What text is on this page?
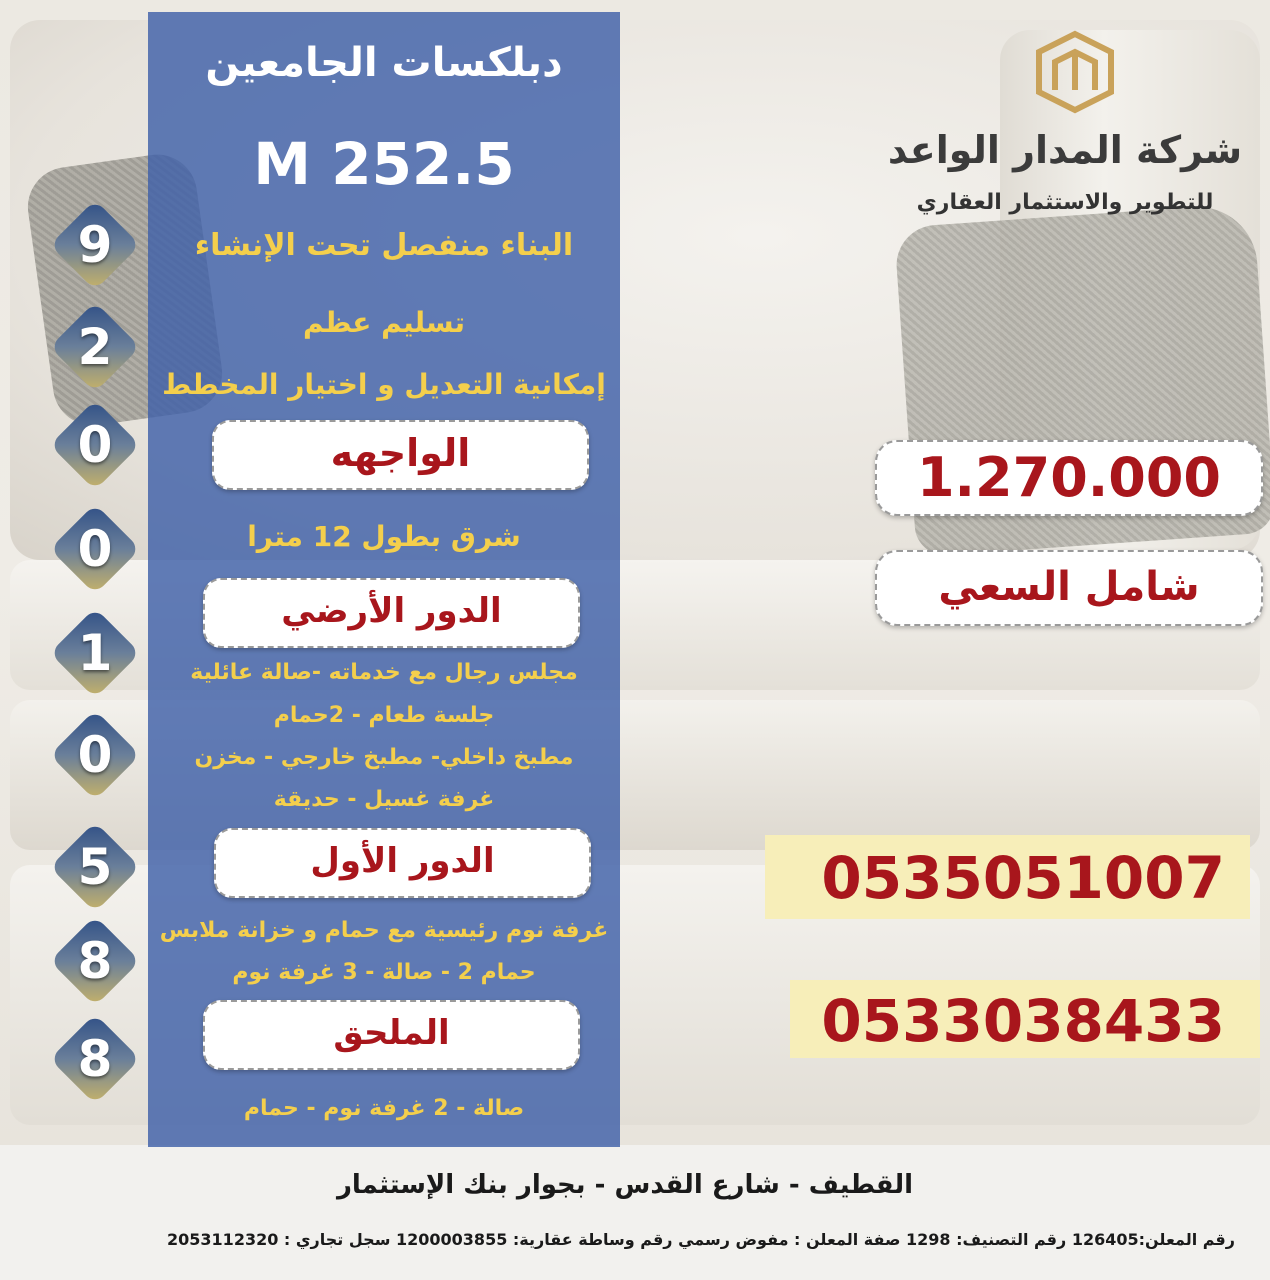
دبلكسات الجامعين
252.5 M
البناء منفصل تحت الإنشاء
تسليم عظم
إمكانية التعديل و اختيار المخطط
الواجهه
شرق بطول 12 مترا
الدور الأرضي
مجلس رجال مع خدماته -صالة عائلية
جلسة طعام - 2حمام
مطبخ داخلي- مطبخ خارجي - مخزن
غرفة غسيل - حديقة
الدور الأول
غرفة نوم رئيسية مع حمام و خزانة ملابس
حمام 2 - صالة - 3 غرفة نوم
الملحق
صالة - 2 غرفة نوم - حمام
9
2
0
0
1
0
5
8
8
شركة المدار الواعد
للتطوير والاستثمار العقاري
1.270.000
شامل السعي
0535051007
0533038433
القطيف - شارع القدس - بجوار بنك الإستثمار
رقم المعلن:126405 رقم التصنيف: 1298 صفة المعلن : مفوض رسمي رقم وساطة عقارية: 1200003855 سجل تجاري : 2053112320
